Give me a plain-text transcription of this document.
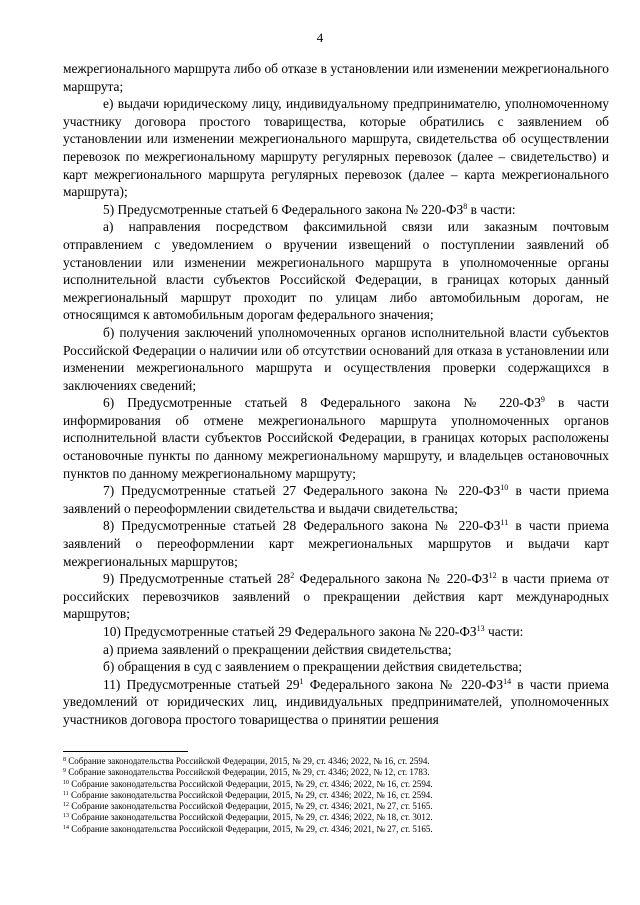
4

межрегионального маршрута либо об отказе в установлении или изменении межрегионального маршрута;

е) выдачи юридическому лицу, индивидуальному предпринимателю, уполномоченному участнику договора простого товарищества, которые обратились с заявлением об установлении или изменении межрегионального маршрута, свидетельства об осуществлении перевозок по межрегиональному маршруту регулярных перевозок (далее – свидетельство) и карт межрегионального маршрута регулярных перевозок (далее – карта межрегионального маршрута);

5) Предусмотренные статьей 6 Федерального закона № $220-ФЗ^8$ в части:

а) направления посредством факсимильной связи или заказным почтовым отправлением с уведомлением о вручении извещений о поступлении заявлений об установлении или изменении межрегионального маршрута в уполномоченные органы исполнительной власти субъектов Российской Федерации, в границах которых данный межрегиональный маршрут проходит по улицам либо автомобильным дорогам, не относящимся к автомобильным дорогам федерального значения;

б) получения заключений уполномоченных органов исполнительной власти субъектов Российской Федерации о наличии или об отсутствии оснований для отказа в установлении или изменении межрегионального маршрута и осуществления проверки содержащихся в заключениях сведений;

6) Предусмотренные статьей 8 Федерального закона № $220-ФЗ^9$ в части информирования об отмене межрегионального маршрута уполномоченных органов исполнительной власти субъектов Российской Федерации, в границах которых расположены остановочные пункты по данному межрегиональному маршруту, и владельцев остановочных пунктов по данному межрегиональному маршруту;

7) Предусмотренные статьей 27 Федерального закона № 220-ФЗ$^{10}$ в части приема заявлений о переоформлении свидетельства и выдачи свидетельства;

8) Предусмотренные статьей 28 Федерального закона № 220-ФЗ$^{11}$ в части приема заявлений о переоформлении карт межрегиональных маршрутов и выдачи карт межрегиональных маршрутов;

9) Предусмотренные статьей $28^2$ Федерального закона № 220-ФЗ$^{12}$ в части приема от российских перевозчиков заявлений о прекращении действия карт международных маршрутов;

10) Предусмотренные статьей 29 Федерального закона № 220-ФЗ$^{13}$ части:

а) приема заявлений о прекращении действия свидетельства;

б) обращения в суд с заявлением о прекращении действия свидетельства;

11) Предусмотренные статьей $29^1$ Федерального закона № 220-ФЗ$^{14}$ в части приема уведомлений от юридических лиц, индивидуальных предпринимателей, уполномоченных участников договора простого товарищества о принятии решения

$^8$ Собрание законодательства Российской Федерации, 2015, № 29, ст. 4346; 2022, № 16, ст. 2594.

$^9$ Собрание законодательства Российской Федерации, 2015, № 29, ст. 4346; 2022, № 12, ст. 1783.

$^{10}$ Собрание законодательства Российской Федерации, 2015, № 29, ст. 4346; 2022, № 16, ст. 2594.

$^{11}$ Собрание законодательства Российской Федерации, 2015, № 29, ст. 4346; 2022, № 16, ст. 2594.

$^{12}$ Собрание законодательства Российской Федерации, 2015, № 29, ст. 4346; 2021, № 27, ст. 5165.

$^{13}$ Собрание законодательства Российской Федерации, 2015, № 29, ст. 4346; 2022, № 18, ст. 3012.

$^{14}$ Собрание законодательства Российской Федерации, 2015, № 29, ст. 4346; 2021, № 27, ст. 5165.
